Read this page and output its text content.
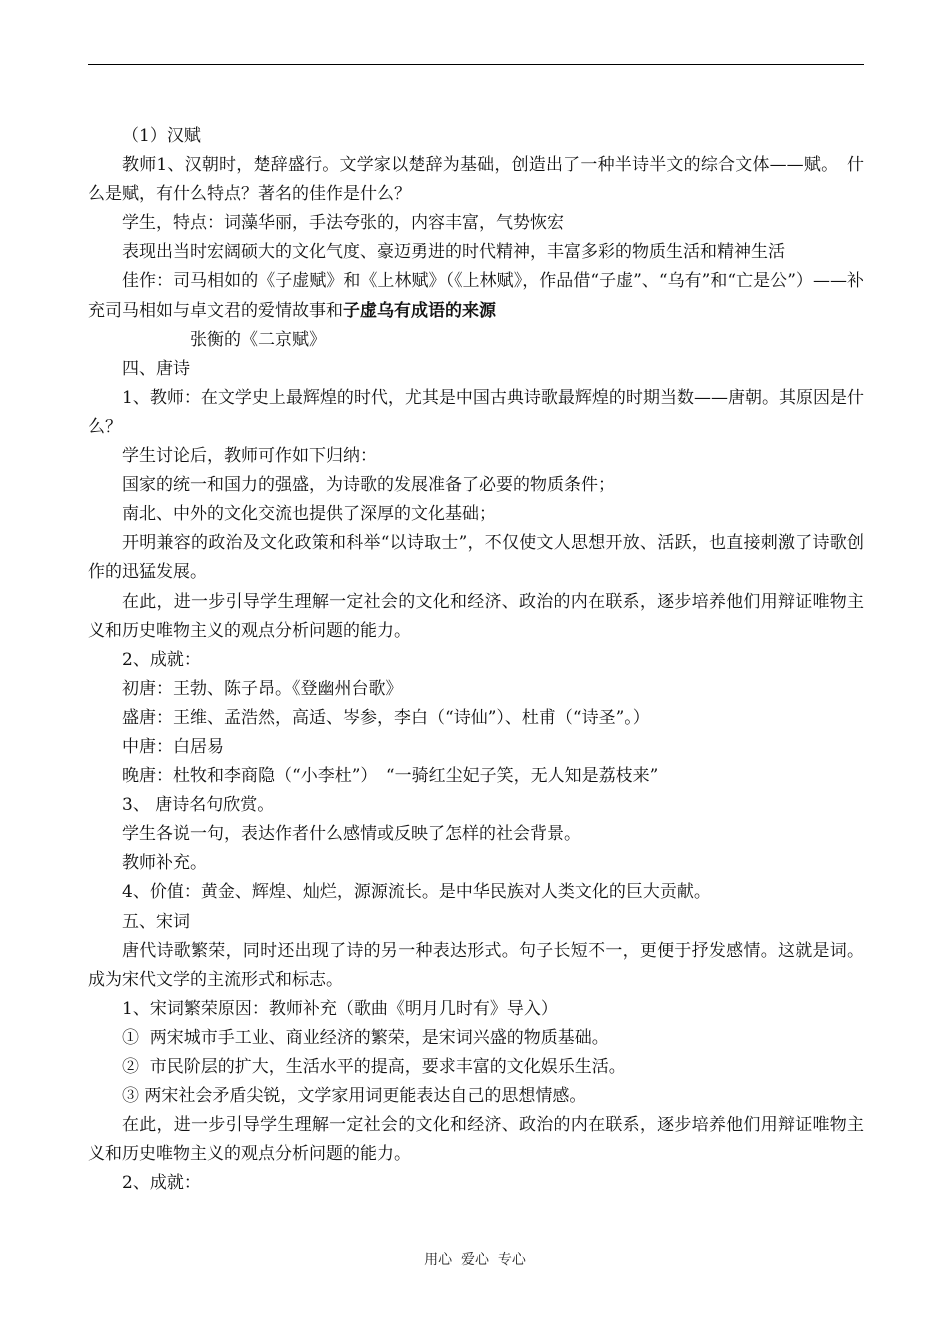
（1）汉赋

教师1、汉朝时，楚辞盛行。文学家以楚辞为基础，创造出了一种半诗半文的综合文体——赋。　什么是赋，有什么特点？著名的佳作是什么？

学生，特点：词藻华丽，手法夸张的，内容丰富，气势恢宏

表现出当时宏阔硕大的文化气度、豪迈勇进的时代精神，丰富多彩的物质生活和精神生活

佳作：司马相如的《子虚赋》和《上林赋》（《上林赋》，作品借“子虚”、“乌有”和“亡是公”）——补充司马相如与卓文君的爱情故事和子虚乌有成语的来源

张衡的《二京赋》

四、唐诗

1、教师：在文学史上最辉煌的时代，尤其是中国古典诗歌最辉煌的时期当数——唐朝。其原因是什么？

学生讨论后，教师可作如下归纳：

国家的统一和国力的强盛，为诗歌的发展准备了必要的物质条件；

南北、中外的文化交流也提供了深厚的文化基础；

开明兼容的政治及文化政策和科举“以诗取士”，不仅使文人思想开放、活跃，也直接刺激了诗歌创作的迅猛发展。

在此，进一步引导学生理解一定社会的文化和经济、政治的内在联系，逐步培养他们用辩证唯物主义和历史唯物主义的观点分析问题的能力。

2、成就：

初唐：王勃、陈子昂。《登幽州台歌》

盛唐：王维、孟浩然，高适、岑参，李白（“诗仙”）、杜甫（“诗圣”。）

中唐：白居易

晚唐：杜牧和李商隐（“小李杜”）　“一骑红尘妃子笑，无人知是荔枝来”

3、 唐诗名句欣赏。

学生各说一句，表达作者什么感情或反映了怎样的社会背景。

教师补充。

4、价值：黄金、辉煌、灿烂，源源流长。是中华民族对人类文化的巨大贡献。

五、宋词

唐代诗歌繁荣，同时还出现了诗的另一种表达形式。句子长短不一，更便于抒发感情。这就是词。成为宋代文学的主流形式和标志。

1、宋词繁荣原因：教师补充（歌曲《明月几时有》导入）

①  两宋城市手工业、商业经济的繁荣，是宋词兴盛的物质基础。

②  市民阶层的扩大，生活水平的提高，要求丰富的文化娱乐生活。

③ 两宋社会矛盾尖锐，文学家用词更能表达自己的思想情感。

在此，进一步引导学生理解一定社会的文化和经济、政治的内在联系，逐步培养他们用辩证唯物主义和历史唯物主义的观点分析问题的能力。

2、成就：

用心  爱心  专心
